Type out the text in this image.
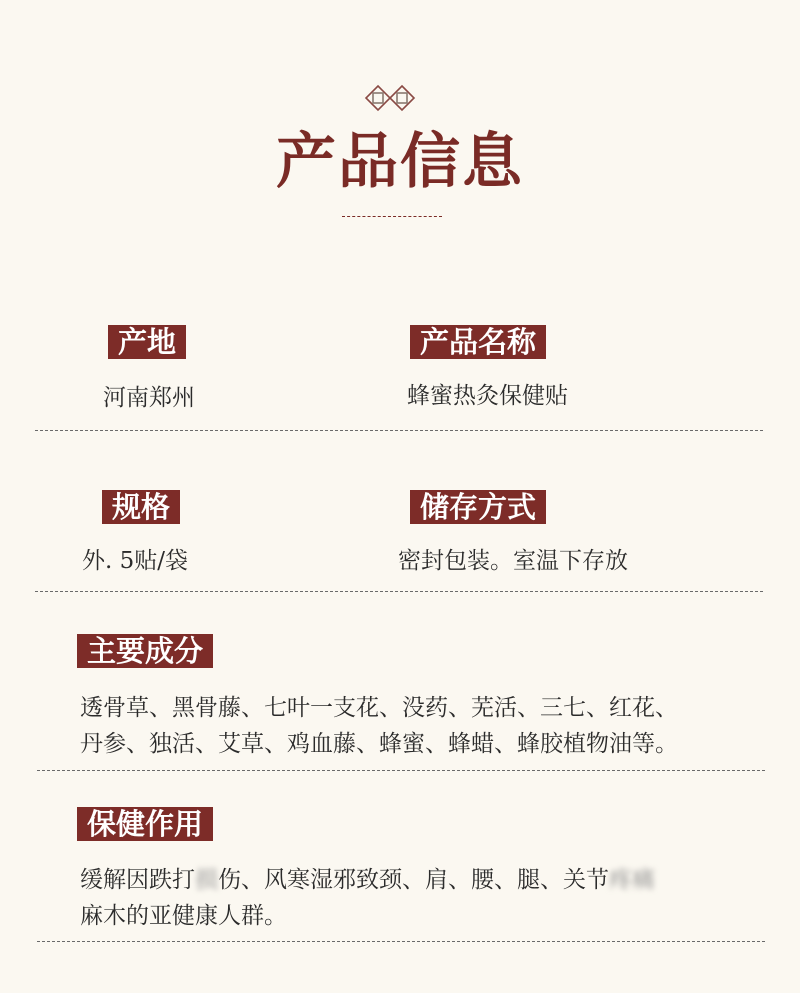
产品信息
产地
河南郑州
产品名称
蜂蜜热灸保健贴
规格
外. 5贴/袋
储存方式
密封包装。室温下存放
主要成分
透骨草、黑骨藤、七叶一支花、没药、芜活、三七、红花、
丹参、独活、艾草、鸡血藤、蜂蜜、蜂蜡、蜂胶植物油等。
保健作用
缓解因跌打损伤、风寒湿邪致颈、肩、腰、腿、关节疼痛
麻木的亚健康人群。
